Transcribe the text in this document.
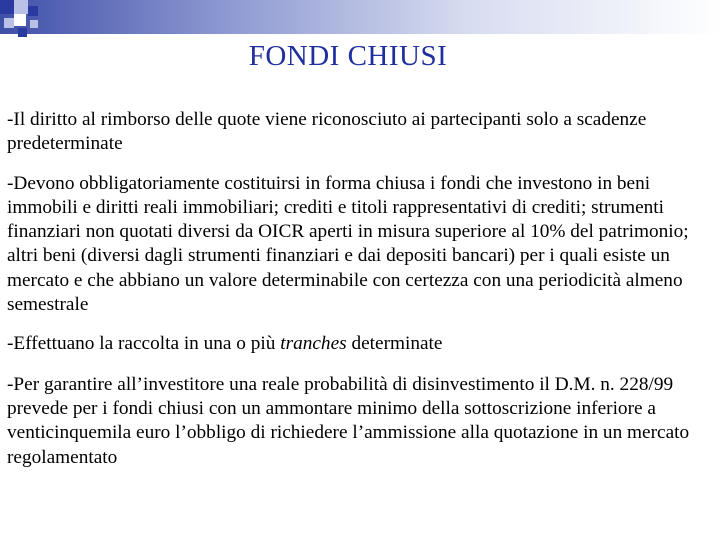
FONDI CHIUSI

-Il diritto al rimborso delle quote viene riconosciuto ai partecipanti solo a scadenze predeterminate

-Devono obbligatoriamente costituirsi in forma chiusa i fondi che investono in beni immobili e diritti reali immobiliari; crediti e titoli rappresentativi di crediti; strumenti finanziari non quotati diversi da OICR aperti in misura superiore al 10% del patrimonio; altri beni (diversi dagli strumenti finanziari e dai depositi bancari) per i quali esiste un mercato e che abbiano un valore determinabile con certezza con una periodicità almeno semestrale

-Effettuano la raccolta in una o più tranches determinate

-Per garantire all’investitore una reale probabilità di disinvestimento il D.M. n. 228/99 prevede per i fondi chiusi con un ammontare minimo della sottoscrizione inferiore a venticinquemila euro l’obbligo di richiedere l’ammissione alla quotazione in un mercato regolamentato
